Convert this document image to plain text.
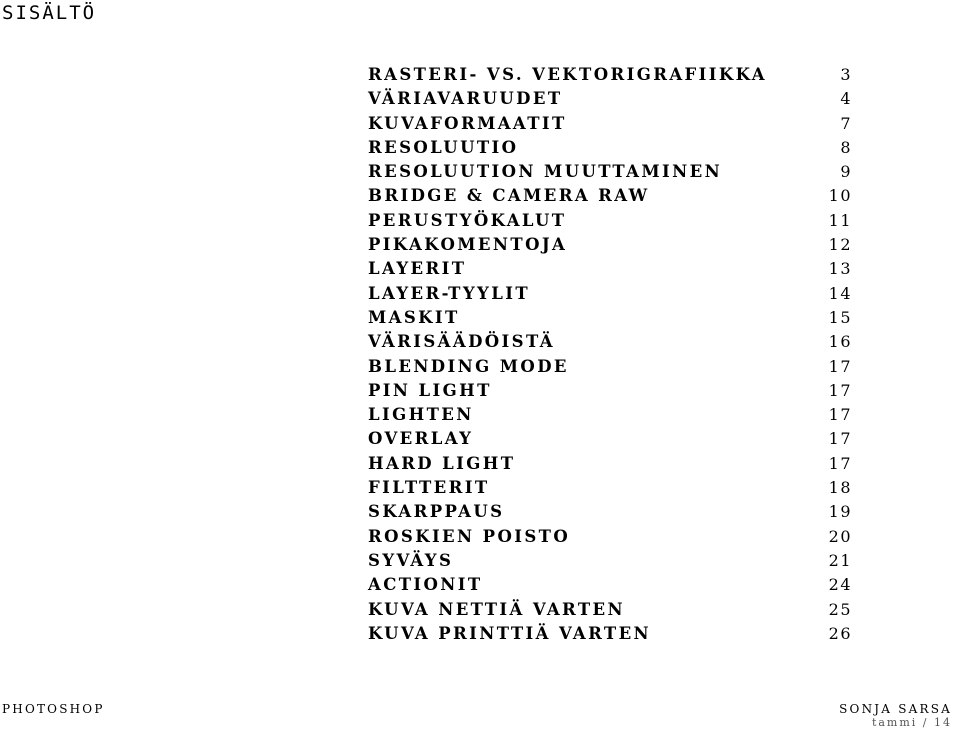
SISÄLTÖ
RASTERI- VS. VEKTORIGRAFIIKKA	3
VÄRIAVARUUDET	4
KUVAFORMAATIT	7
RESOLUUTIO	8
RESOLUUTION MUUTTAMINEN	9
BRIDGE & CAMERA RAW	10
PERUSTYÖKALUT	11
PIKAKOMENTOJA	12
LAYERIT	13
LAYER-TYYLIT	14
MASKIT	15
VÄRISÄÄDÖISTÄ	16
BLENDING MODE	17
PIN LIGHT	17
LIGHTEN	17
OVERLAY	17
HARD LIGHT	17
FILTTERIT	18
SKARPPAUS	19
ROSKIEN POISTO	20
SYVÄYS	21
ACTIONIT	24
KUVA NETTIÄ VARTEN	25
KUVA PRINTTIÄ VARTEN	26
PHOTOSHOP	SONJA SARSA
tammi / 14
